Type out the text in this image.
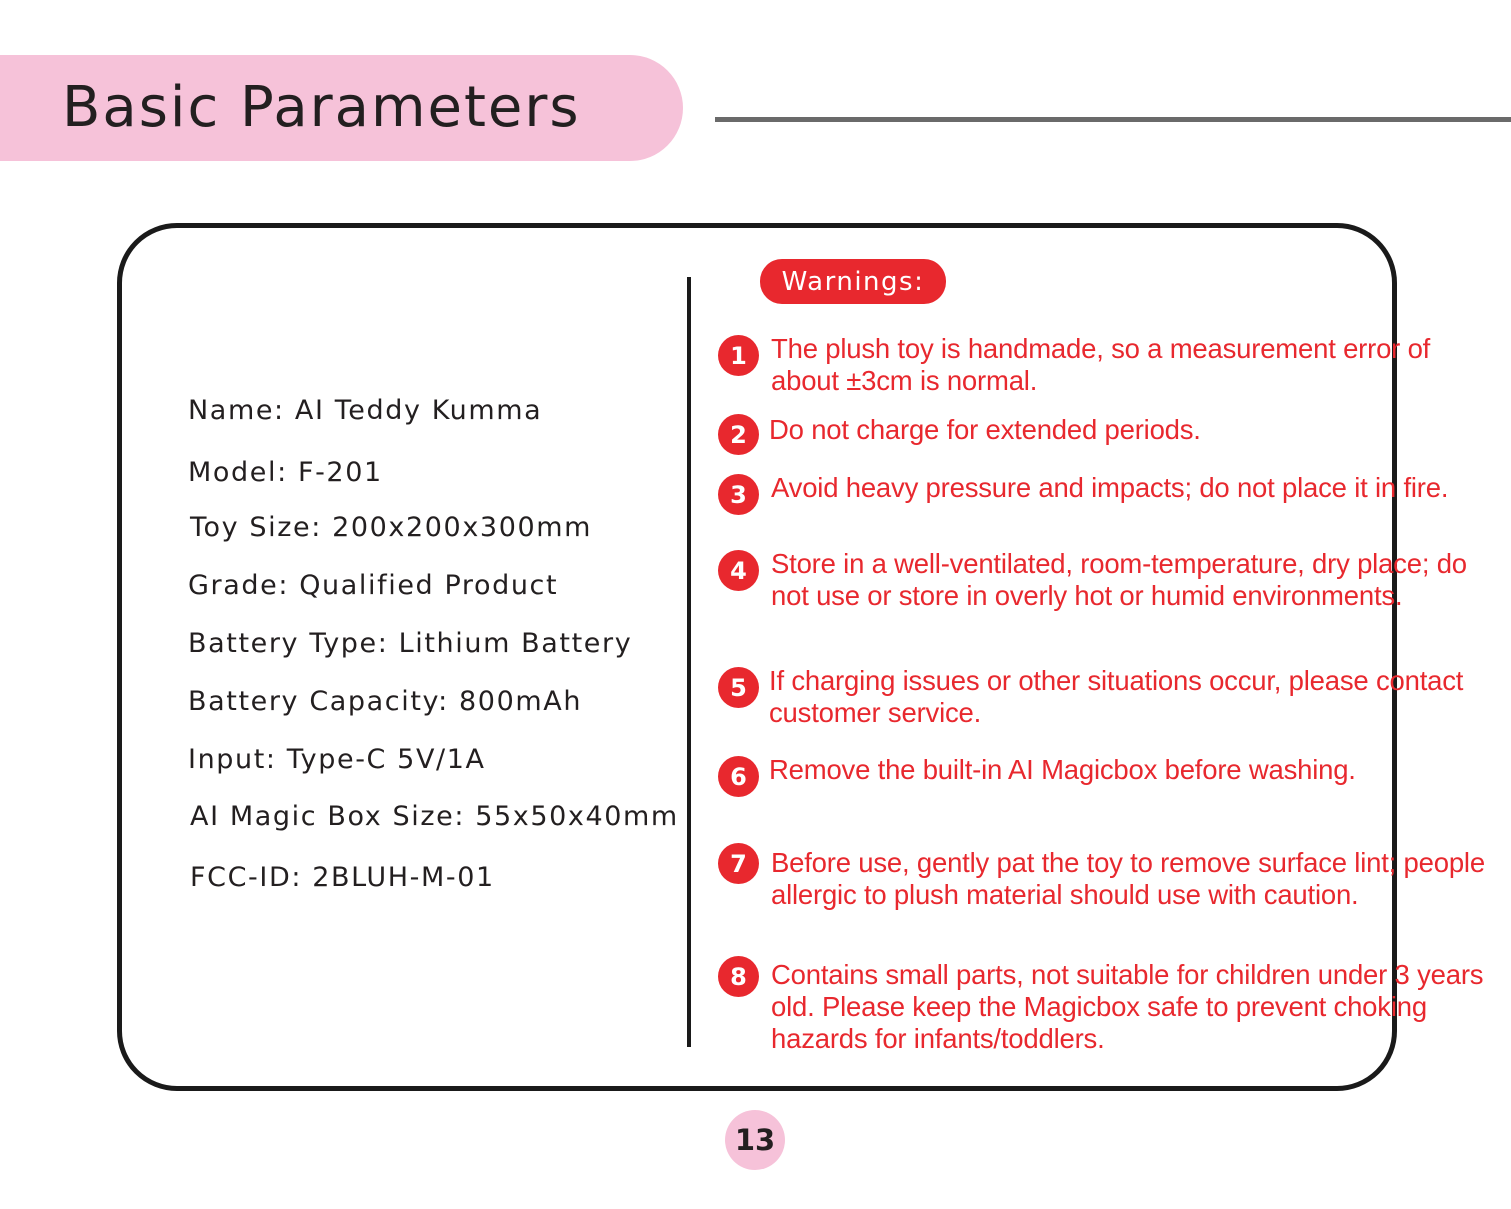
Basic Parameters
Name: AI Teddy Kumma
Model: F-201
Toy Size: 200x200x300mm
Grade: Qualified Product
Battery Type: Lithium Battery
Battery Capacity: 800mAh
Input: Type-C 5V/1A
AI Magic Box Size: 55x50x40mm
FCC-ID: 2BLUH-M-01
Warnings:
1 The plush toy is handmade, so a measurement error of about ±3cm is normal.
2 Do not charge for extended periods.
3 Avoid heavy pressure and impacts; do not place it in fire.
4 Store in a well-ventilated, room-temperature, dry place; do not use or store in overly hot or humid environments.
5 If charging issues or other situations occur, please contact customer service.
6 Remove the built-in AI Magicbox before washing.
7 Before use, gently pat the toy to remove surface lint; people allergic to plush material should use with caution.
8 Contains small parts, not suitable for children under 3 years old. Please keep the Magicbox safe to prevent choking hazards for infants/toddlers.
13
